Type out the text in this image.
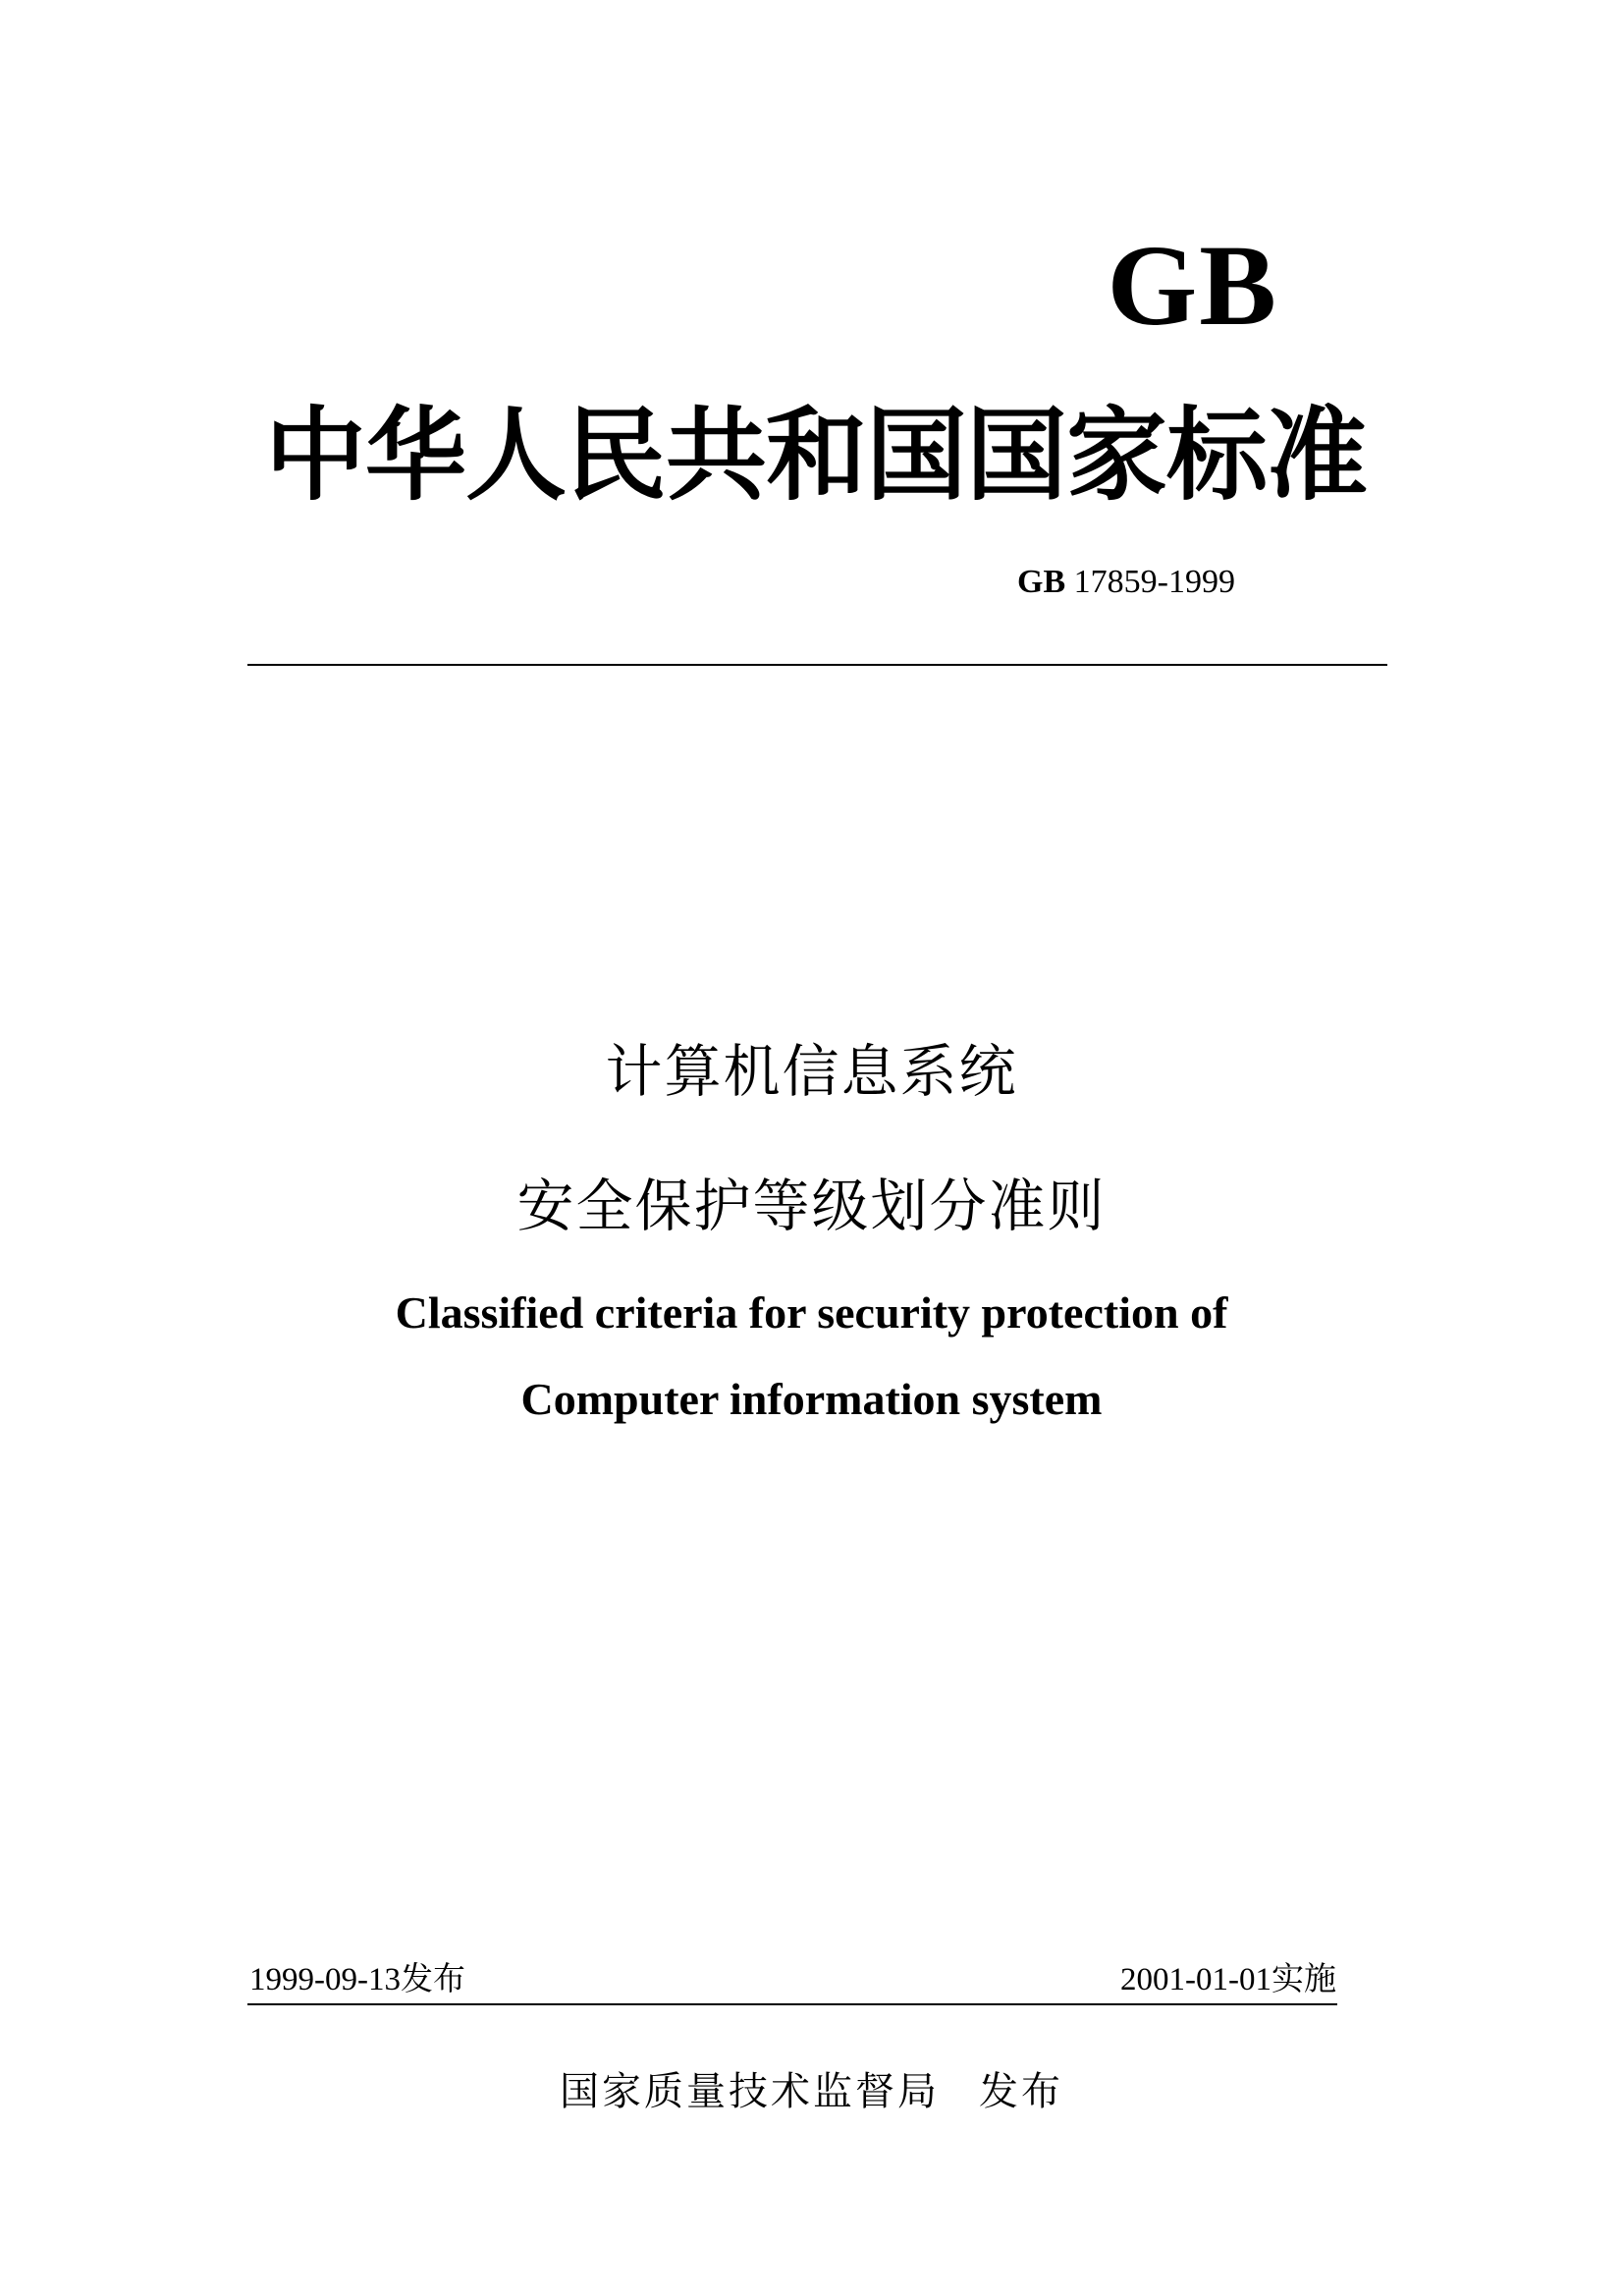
GB
中华人民共和国国家标准
GB 17859-1999
计算机信息系统
安全保护等级划分准则
Classified criteria for security protection of
Computer information system
1999-09-13发布	2001-01-01实施
国家质量技术监督局 发布
